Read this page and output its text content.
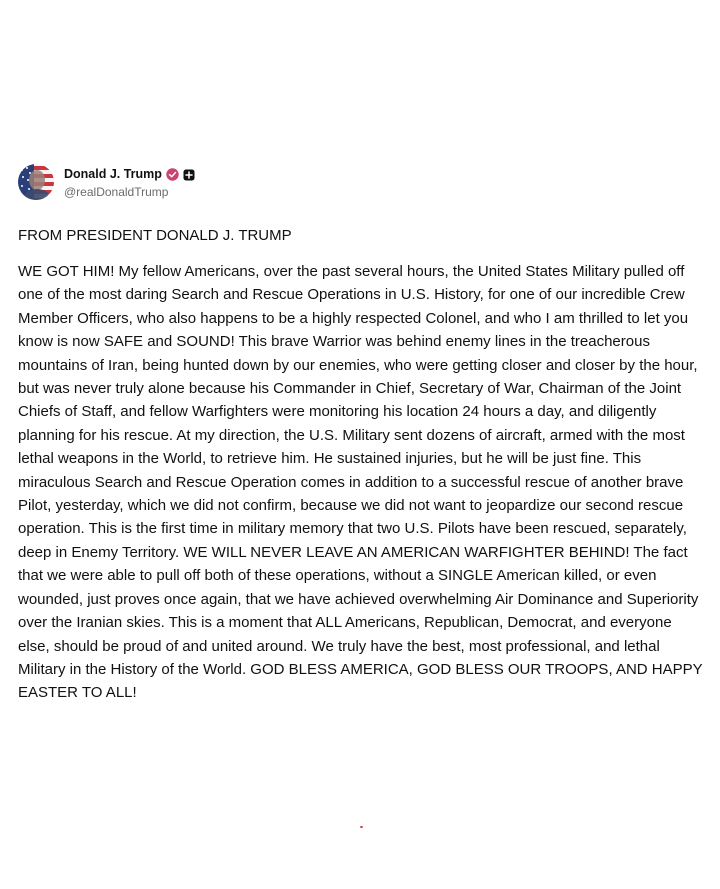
Donald J. Trump
@realDonaldTrump
FROM PRESIDENT DONALD J. TRUMP
WE GOT HIM! My fellow Americans, over the past several hours, the United States Military pulled off one of the most daring Search and Rescue Operations in U.S. History, for one of our incredible Crew Member Officers, who also happens to be a highly respected Colonel, and who I am thrilled to let you know is now SAFE and SOUND! This brave Warrior was behind enemy lines in the treacherous mountains of Iran, being hunted down by our enemies, who were getting closer and closer by the hour, but was never truly alone because his Commander in Chief, Secretary of War, Chairman of the Joint Chiefs of Staff, and fellow Warfighters were monitoring his location 24 hours a day, and diligently planning for his rescue. At my direction, the U.S. Military sent dozens of aircraft, armed with the most lethal weapons in the World, to retrieve him. He sustained injuries, but he will be just fine. This miraculous Search and Rescue Operation comes in addition to a successful rescue of another brave Pilot, yesterday, which we did not confirm, because we did not want to jeopardize our second rescue operation. This is the first time in military memory that two U.S. Pilots have been rescued, separately, deep in Enemy Territory. WE WILL NEVER LEAVE AN AMERICAN WARFIGHTER BEHIND! The fact that we were able to pull off both of these operations, without a SINGLE American killed, or even wounded, just proves once again, that we have achieved overwhelming Air Dominance and Superiority over the Iranian skies. This is a moment that ALL Americans, Republican, Democrat, and everyone else, should be proud of and united around. We truly have the best, most professional, and lethal Military in the History of the World. GOD BLESS AMERICA, GOD BLESS OUR TROOPS, AND HAPPY EASTER TO ALL!
